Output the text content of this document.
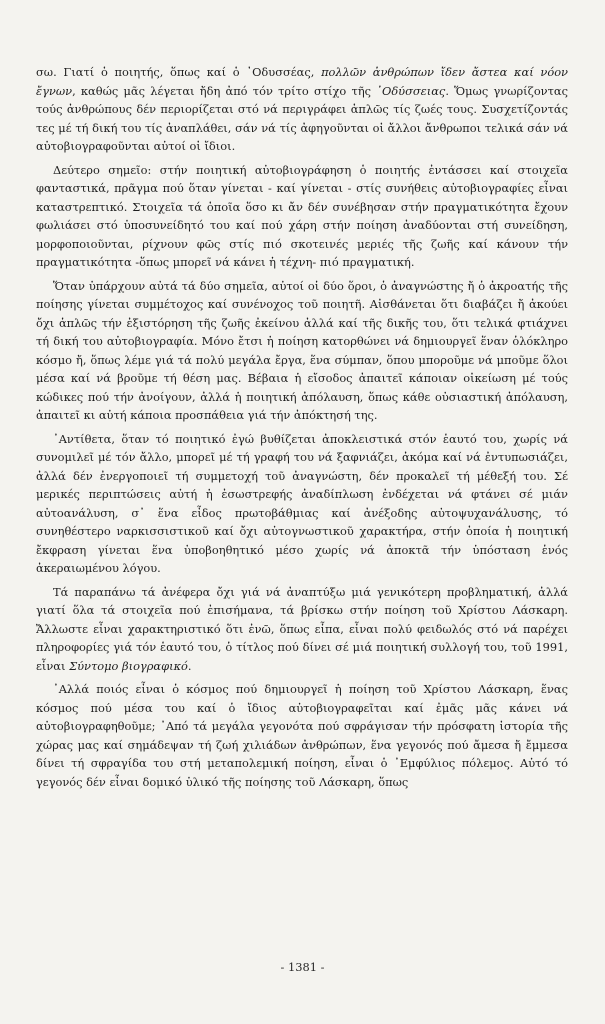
σω. Γιατί ὁ ποιητής, ὅπως καί ὁ ᾿Οδυσσέας, πολλῶν ἀνθρώπων ἴδεν ἄστεα καί νόον ἔγνων, καθώς μᾶς λέγεται ἤδη ἀπό τόν τρίτο στίχο τῆς ᾿Οδύσσειας. Ὅμως γνωρίζοντας τούς ἀνθρώπους δέν περιορίζεται στό νά περιγράφει ἁπλῶς τίς ζωές τους. Συσχετίζοντάς τες μέ τή δική του τίς ἀναπλάθει, σάν νά τίς ἀφηγοῦνται οἱ ἄλλοι ἄνθρωποι τελικά σάν νά αὐτοβιογραφοῦνται αὐτοί οἱ ἴδιοι.

Δεύτερο σημεῖο: στήν ποιητική αὐτοβιογράφηση ὁ ποιητής ἐντάσσει καί στοιχεῖα φανταστικά, πρᾶγμα πού ὅταν γίνεται - καί γίνεται - στίς συνήθεις αὐτοβιογραφίες εἶναι καταστρεπτικό. Στοιχεῖα τά ὁποῖα ὅσο κι ἄν δέν συνέβησαν στήν πραγματικότητα ἔχουν φωλιάσει στό ὑποσυνείδητό του καί πού χάρη στήν ποίηση ἀναδύονται στή συνείδηση, μορφοποιοῦνται, ρίχνουν φῶς στίς πιό σκοτεινές μεριές τῆς ζωῆς καί κάνουν τήν πραγματικότητα -ὅπως μπορεῖ νά κάνει ἡ τέχνη- πιό πραγματική.

Ὅταν ὑπάρχουν αὐτά τά δύο σημεῖα, αὐτοί οἱ δύο ὅροι, ὁ ἀναγνώστης ἤ ὁ ἀκροατής τῆς ποίησης γίνεται συμμέτοχος καί συνένοχος τοῦ ποιητῆ. Αἰσθάνεται ὅτι διαβάζει ἤ ἀκούει ὄχι ἁπλῶς τήν ἐξιστόρηση τῆς ζωῆς ἐκείνου ἀλλά καί τῆς δικῆς του, ὅτι τελικά φτιάχνει τή δική του αὐτοβιογραφία. Μόνο ἔτσι ἡ ποίηση κατορθώνει νά δημιουργεῖ ἕναν ὁλόκληρο κόσμο ἤ, ὅπως λέμε γιά τά πολύ μεγάλα ἔργα, ἕνα σύμπαν, ὅπου μποροῦμε νά μποῦμε ὅλοι μέσα καί νά βροῦμε τή θέση μας. Βέβαια ἡ εἴσοδος ἀπαιτεῖ κάποιαν οἰκείωση μέ τούς κώδικες πού τήν ἀνοίγουν, ἀλλά ἡ ποιητική ἀπόλαυση, ὅπως κάθε οὐσιαστική ἀπόλαυση, ἀπαιτεῖ κι αὐτή κάποια προσπάθεια γιά τήν ἀπόκτησή της.

᾿Αντίθετα, ὅταν τό ποιητικό ἐγώ βυθίζεται ἀποκλειστικά στόν ἑαυτό του, χωρίς νά συνομιλεῖ μέ τόν ἄλλο, μπορεῖ μέ τή γραφή του νά ξαφνιάζει, ἀκόμα καί νά ἐντυπωσιάζει, ἀλλά δέν ἐνεργοποιεῖ τή συμμετοχή τοῦ ἀναγνώστη, δέν προκαλεῖ τή μέθεξή του. Σέ μερικές περιπτώσεις αὐτή ἡ ἐσωστρεφής ἀναδίπλωση ἐνδέχεται νά φτάνει σέ μιάν αὐτοανάλυση, σ᾿ ἕνα εἶδος πρωτοβάθμιας καί ἀνέξοδης αὐτοψυχανάλυσης, τό συνηθέστερο ναρκισσιστικοῦ καί ὄχι αὐτογνωστικοῦ χαρακτήρα, στήν ὁποία ἡ ποιητική ἔκφραση γίνεται ἕνα ὑποβοηθητικό μέσο χωρίς νά ἀποκτᾶ τήν ὑπόσταση ἑνός ἀκεραιωμένου λόγου.

Τά παραπάνω τά ἀνέφερα ὄχι γιά νά ἀναπτύξω μιά γενικότερη προβληματική, ἀλλά γιατί ὅλα τά στοιχεῖα πού ἐπισήμανα, τά βρίσκω στήν ποίηση τοῦ Χρίστου Λάσκαρη. Ἄλλωστε εἶναι χαρακτηριστικό ὅτι ἐνῶ, ὅπως εἶπα, εἶναι πολύ φειδωλός στό νά παρέχει πληροφορίες γιά τόν ἑαυτό του, ὁ τίτλος πού δίνει σέ μιά ποιητική συλλογή του, τοῦ 1991, εἶναι Σύντομο βιογραφικό.

᾿Αλλά ποιός εἶναι ὁ κόσμος πού δημιουργεῖ ἡ ποίηση τοῦ Χρίστου Λάσκαρη, ἕνας κόσμος πού μέσα του καί ὁ ἴδιος αὐτοβιογραφεῖται καί ἐμᾶς μᾶς κάνει νά αὐτοβιογραφηθοῦμε; ᾿Από τά μεγάλα γεγονότα πού σφράγισαν τήν πρόσφατη ἱστορία τῆς χώρας μας καί σημάδεψαν τή ζωή χιλιάδων ἀνθρώπων, ἕνα γεγονός πού ἄμεσα ἤ ἔμμεσα δίνει τή σφραγίδα του στή μεταπολεμική ποίηση, εἶναι ὁ ᾿Εμφύλιος πόλεμος. Αὐτό τό γεγονός δέν εἶναι δομικό ὑλικό τῆς ποίησης τοῦ Λάσκαρη, ὅπως

- 1381 -
